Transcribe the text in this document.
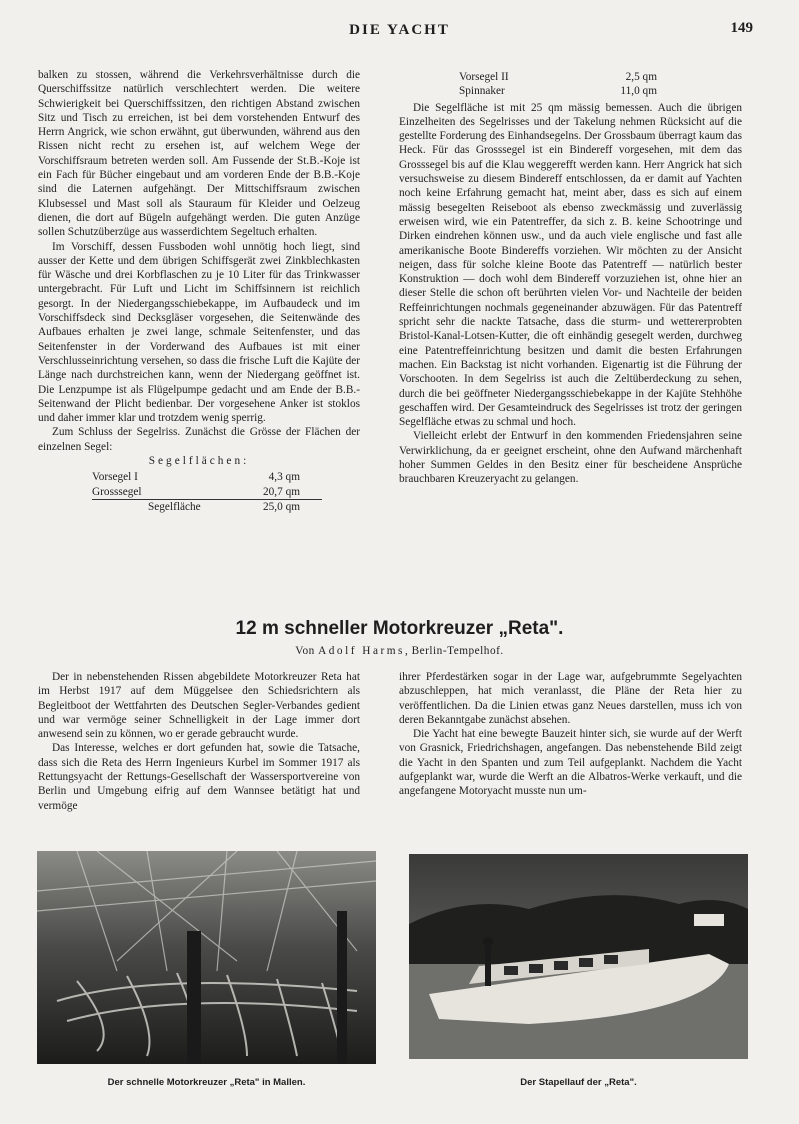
DIE YACHT	149

balken zu stossen, während die Verkehrsverhältnisse durch die Querschiffssitze natürlich verschlechtert werden. Die weitere Schwierigkeit bei Querschiffssitzen, den richtigen Abstand zwischen Sitz und Tisch zu erreichen, ist bei dem vorstehenden Entwurf des Herrn Angrick, wie schon erwähnt, gut überwunden, während aus den Rissen nicht recht zu ersehen ist, auf welchem Wege der Vorschiffsraum betreten werden soll. Am Fussende der St.B.-Koje ist ein Fach für Bücher eingebaut und am vorderen Ende der B.B.-Koje sind die Laternen aufgehängt. Der Mittschiffsraum zwischen Klubsessel und Mast soll als Stauraum für Kleider und Oelzeug dienen, die dort auf Bügeln aufgehängt werden. Die guten Anzüge sollen Schutzüberzüge aus wasserdichtem Segeltuch erhalten.

Im Vorschiff, dessen Fussboden wohl unnötig hoch liegt, sind ausser der Kette und dem übrigen Schiffsgerät zwei Zinkblechkasten für Wäsche und drei Korbflaschen zu je 10 Liter für das Trinkwasser untergebracht. Für Luft und Licht im Schiffsinnern ist reichlich gesorgt. In der Niedergangsschiebekappe, im Aufbaudeck und im Vorschiffsdeck sind Decksgläser vorgesehen, die Seitenwände des Aufbaues erhalten je zwei lange, schmale Seitenfenster, und das Seitenfenster in der Vorderwand des Aufbaues ist mit einer Verschlusseinrichtung versehen, so dass die frische Luft die Kajüte der Länge nach durchstreichen kann, wenn der Niedergang geöffnet ist. Die Lenzpumpe ist als Flügelpumpe gedacht und am Ende der B.B.-Seitenwand der Plicht bedienbar. Der vorgesehene Anker ist stoklos und daher immer klar und trotzdem wenig sperrig.

Zum Schluss der Segelriss. Zunächst die Grösse der Flächen der einzelnen Segel:

Segelflächen:
Vorsegel I	4,3 qm
Grosssegel	20,7 qm
Segelfläche	25,0 qm
Vorsegel II	2,5 qm
Spinnaker	11,0 qm

Die Segelfläche ist mit 25 qm mässig bemessen. Auch die übrigen Einzelheiten des Segelrisses und der Takelung nehmen Rücksicht auf die gestellte Forderung des Einhandsegelns. Der Grossbaum überragt kaum das Heck. Für das Grosssegel ist ein Bindereff vorgesehen, mit dem das Grosssegel bis auf die Klau weggerefft werden kann. Herr Angrick hat sich versuchsweise zu diesem Bindereff entschlossen, da er damit auf Yachten noch keine Erfahrung gemacht hat, meint aber, dass es sich auf einem mässig besegelten Reiseboot als ebenso zweckmässig und zuverlässig erweisen wird, wie ein Patentreffer, da sich z. B. keine Schootringe und Dirken eindrehen können usw., und da auch viele englische und fast alle amerikanische Boote Bindereffs vorziehen. Wir möchten zu der Ansicht neigen, dass für solche kleine Boote das Patentreff — natürlich bester Konstruktion — doch wohl dem Bindereff vorzuziehen ist, ohne hier an dieser Stelle die schon oft berührten vielen Vor- und Nachteile der beiden Reffeinrichtungen nochmals gegeneinander abzuwägen. Für das Patentreff spricht sehr die nackte Tatsache, dass die sturm- und wettererprobten Bristol-Kanal-Lotsen-Kutter, die oft einhändig gesegelt werden, durchweg eine Patentreffeinrichtung besitzen und damit die besten Erfahrungen machen. Ein Backstag ist nicht vorhanden. Eigenartig ist die Führung der Vorschooten. In dem Segelriss ist auch die Zeltüberdeckung zu sehen, durch die bei geöffneter Niedergangsschiebekappe in der Kajüte Stehhöhe geschaffen wird. Der Gesamteindruck des Segelrisses ist trotz der geringen Segelfläche etwas zu schmal und hoch.

Vielleicht erlebt der Entwurf in den kommenden Friedensjahren seine Verwirklichung, da er geeignet erscheint, ohne den Aufwand märchenhaft hoher Summen Geldes in den Besitz einer für bescheidene Ansprüche brauchbaren Kreuzeryacht zu gelangen.

12 m schneller Motorkreuzer „Reta".
Von Adolf Harms, Berlin-Tempelhof.

Der in nebenstehenden Rissen abgebildete Motorkreuzer Reta hat im Herbst 1917 auf dem Müggelsee den Schiedsrichtern als Begleitboot der Wettfahrten des Deutschen Segler-Verbandes gedient und war vermöge seiner Schnelligkeit in der Lage immer dort anwesend sein zu können, wo er gerade gebraucht wurde.

Das Interesse, welches er dort gefunden hat, sowie die Tatsache, dass sich die Reta des Herrn Ingenieurs Kurbel im Sommer 1917 als Rettungsyacht der Rettungs-Gesellschaft der Wassersportvereine von Berlin und Umgebung eifrig auf dem Wannsee betätigt hat und vermöge

ihrer Pferdestärken sogar in der Lage war, aufgebrummte Segelyachten abzuschleppen, hat mich veranlasst, die Pläne der Reta hier zu veröffentlichen. Da die Linien etwas ganz Neues darstellen, muss ich von deren Bekanntgabe zunächst absehen.

Die Yacht hat eine bewegte Bauzeit hinter sich, sie wurde auf der Werft von Grasnick, Friedrichshagen, angefangen. Das nebenstehende Bild zeigt die Yacht in den Spanten und zum Teil aufgeplankt. Nachdem die Yacht aufgeplankt war, wurde die Werft an die Albatros-Werke verkauft, und die angefangene Motoryacht musste nun um-

Der schnelle Motorkreuzer „Reta" in Mallen.	Der Stapellauf der „Reta".
